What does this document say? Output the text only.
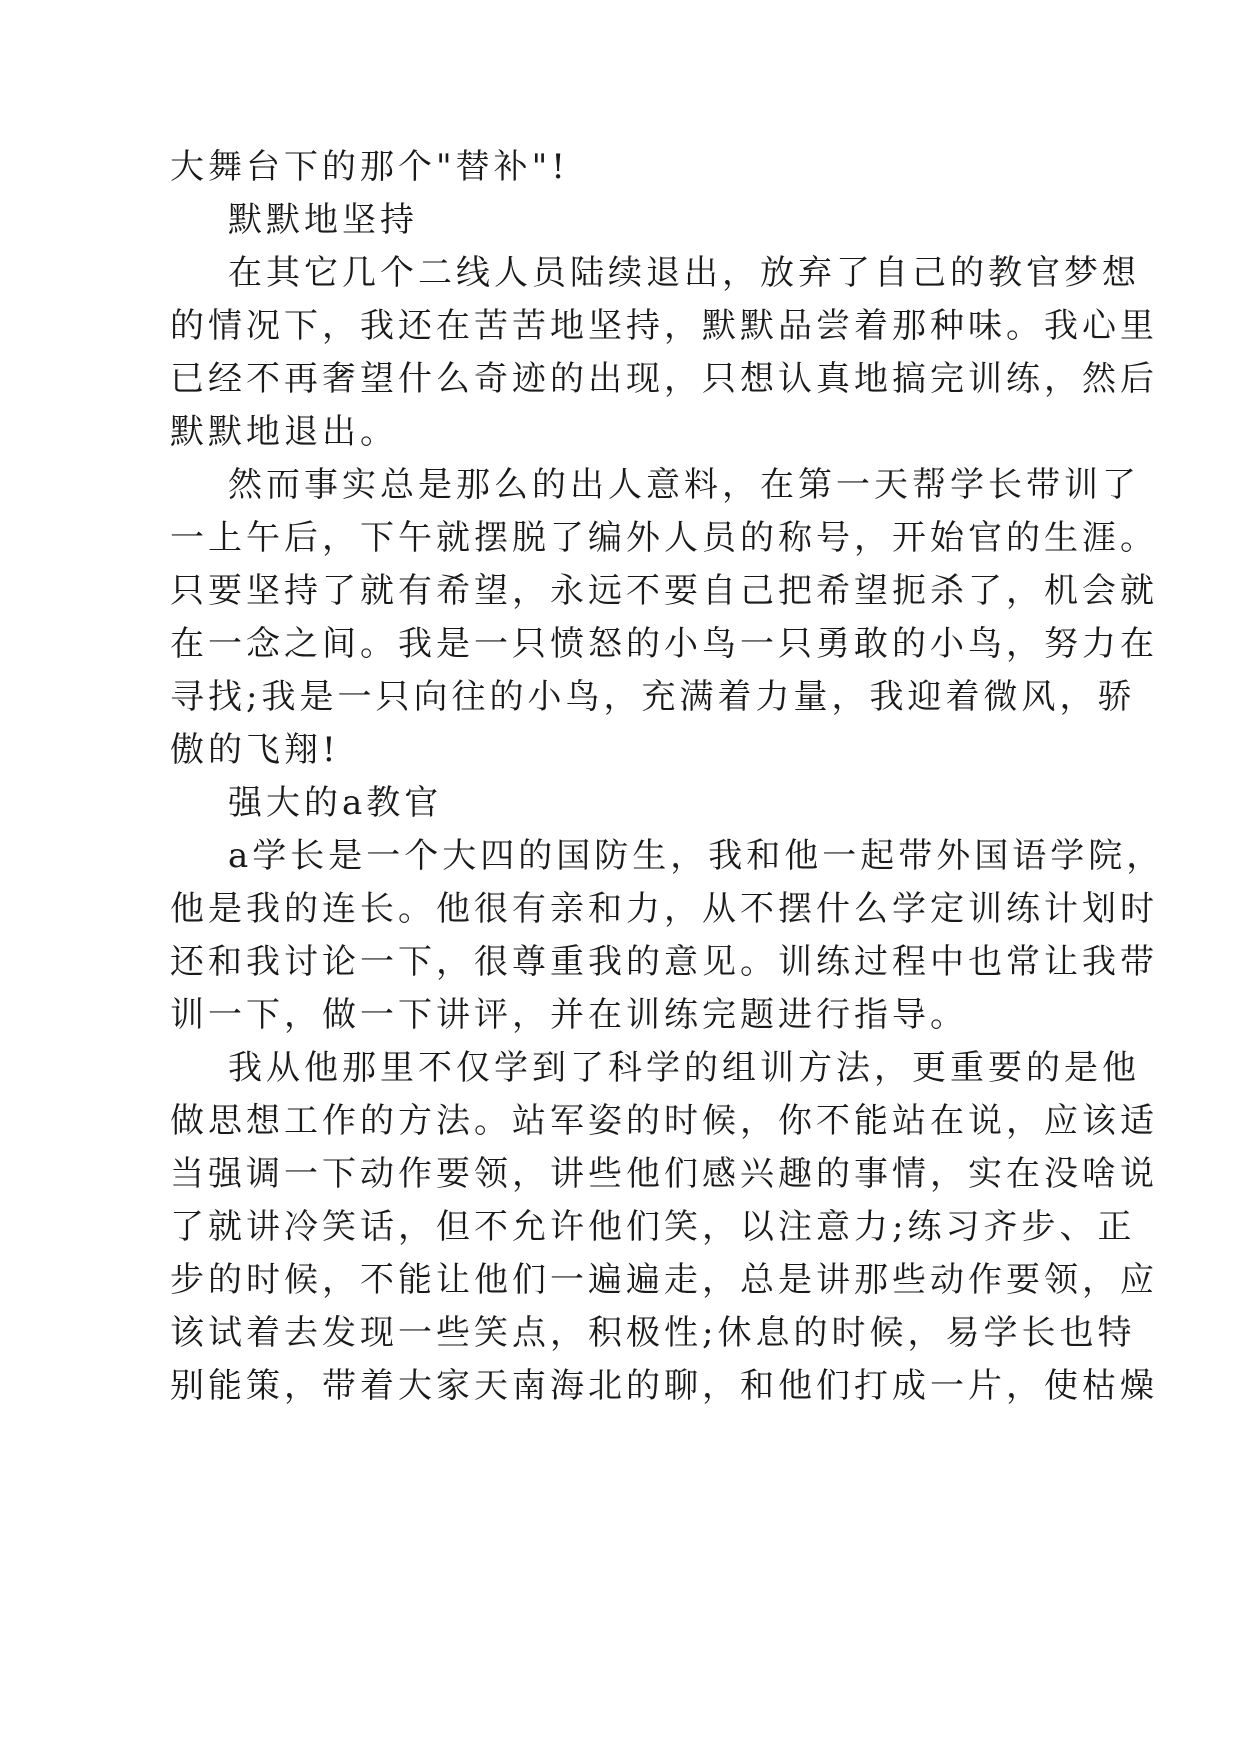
大舞台下的那个"替补"!
默默地坚持
在其它几个二线人员陆续退出，放弃了自己的教官梦想
的情况下，我还在苦苦地坚持，默默品尝着那种味。我心里
已经不再奢望什么奇迹的出现，只想认真地搞完训练，然后
默默地退出。
然而事实总是那么的出人意料，在第一天帮学长带训了
一上午后，下午就摆脱了编外人员的称号，开始官的生涯。
只要坚持了就有希望，永远不要自己把希望扼杀了，机会就
在一念之间。我是一只愤怒的小鸟一只勇敢的小鸟，努力在
寻找;我是一只向往的小鸟，充满着力量，我迎着微风，骄
傲的飞翔!
强大的a教官
a学长是一个大四的国防生，我和他一起带外国语学院，
他是我的连长。他很有亲和力，从不摆什么学定训练计划时
还和我讨论一下，很尊重我的意见。训练过程中也常让我带
训一下，做一下讲评，并在训练完题进行指导。
我从他那里不仅学到了科学的组训方法，更重要的是他
做思想工作的方法。站军姿的时候，你不能站在说，应该适
当强调一下动作要领，讲些他们感兴趣的事情，实在没啥说
了就讲冷笑话，但不允许他们笑，以注意力;练习齐步、正
步的时候，不能让他们一遍遍走，总是讲那些动作要领，应
该试着去发现一些笑点，积极性;休息的时候，易学长也特
别能策，带着大家天南海北的聊，和他们打成一片，使枯燥
